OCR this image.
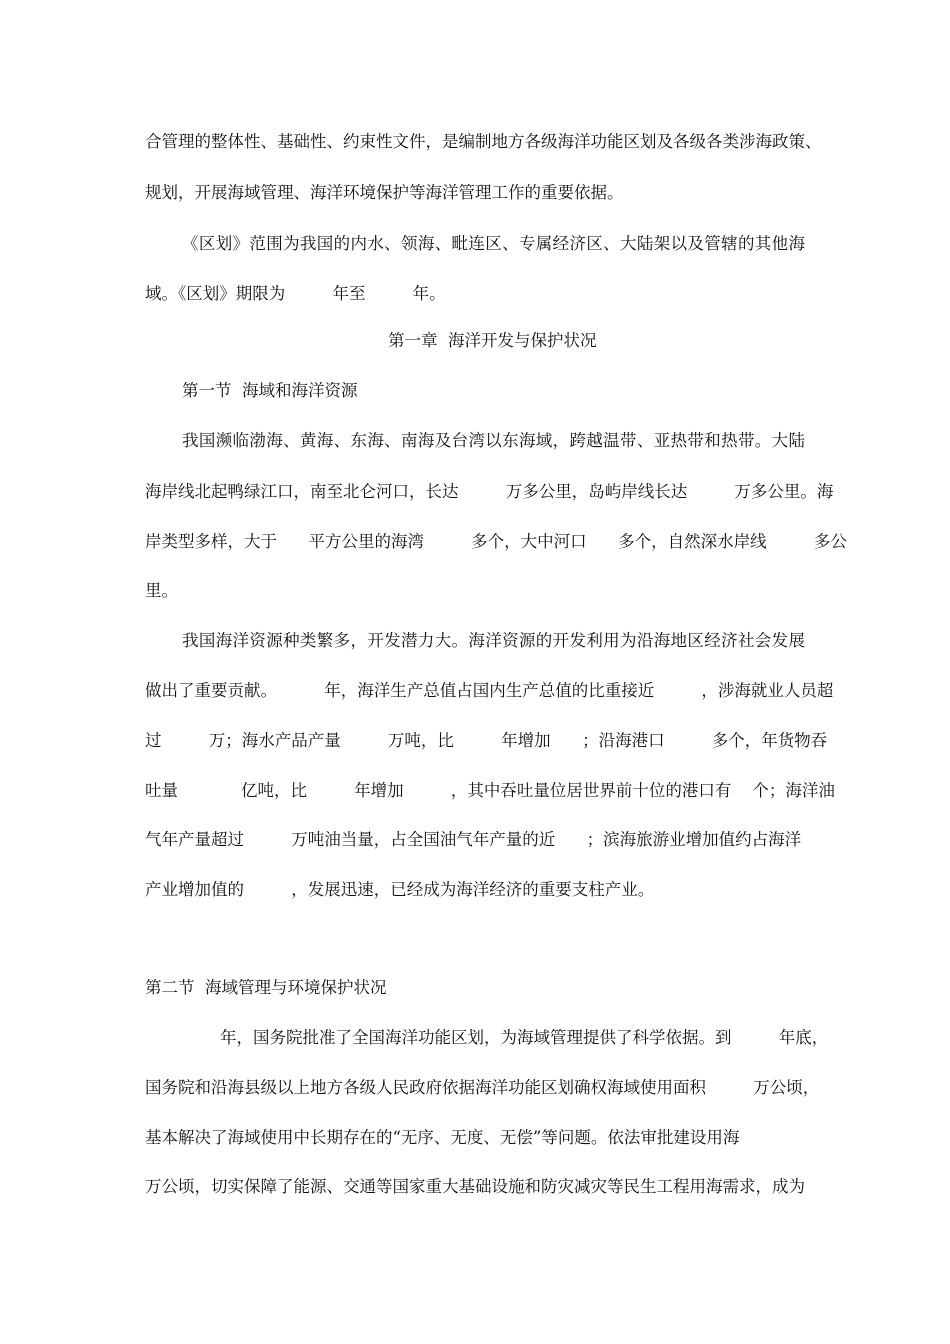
合管理的整体性、基础性、约束性文件，是编制地方各级海洋功能区划及各级各类涉海政策、
规划，开展海域管理、海洋环境保护等海洋管理工作的重要依据。
《区划》范围为我国的内水、领海、毗连区、专属经济区、大陆架以及管辖的其他海
域。《区划》期限为         年至         年。
第一章  海洋开发与保护状况
第一节  海域和海洋资源
我国濒临渤海、黄海、东海、南海及台湾以东海域，跨越温带、亚热带和热带。大陆
海岸线北起鸭绿江口，南至北仑河口，长达         万多公里，岛屿岸线长达         万多公里。海
岸类型多样，大于      平方公里的海湾         多个，大中河口      多个，自然深水岸线         多公
里。
我国海洋资源种类繁多，开发潜力大。海洋资源的开发利用为沿海地区经济社会发展
做出了重要贡献。         年，海洋生产总值占国内生产总值的比重接近         ，涉海就业人员超
过         万；海水产品产量         万吨，比         年增加      ；沿海港口         多个，年货物吞
吐量            亿吨，比         年增加         ，其中吞吐量位居世界前十位的港口有    个；海洋油
气年产量超过         万吨油当量，占全国油气年产量的近      ；滨海旅游业增加值约占海洋
产业增加值的         ，发展迅速，已经成为海洋经济的重要支柱产业。
第二节  海域管理与环境保护状况
年，国务院批准了全国海洋功能区划，为海域管理提供了科学依据。到         年底，
国务院和沿海县级以上地方各级人民政府依据海洋功能区划确权海域使用面积         万公顷，
基本解决了海域使用中长期存在的“无序、无度、无偿”等问题。依法审批建设用海
万公顷，切实保障了能源、交通等国家重大基础设施和防灾减灾等民生工程用海需求，成为
